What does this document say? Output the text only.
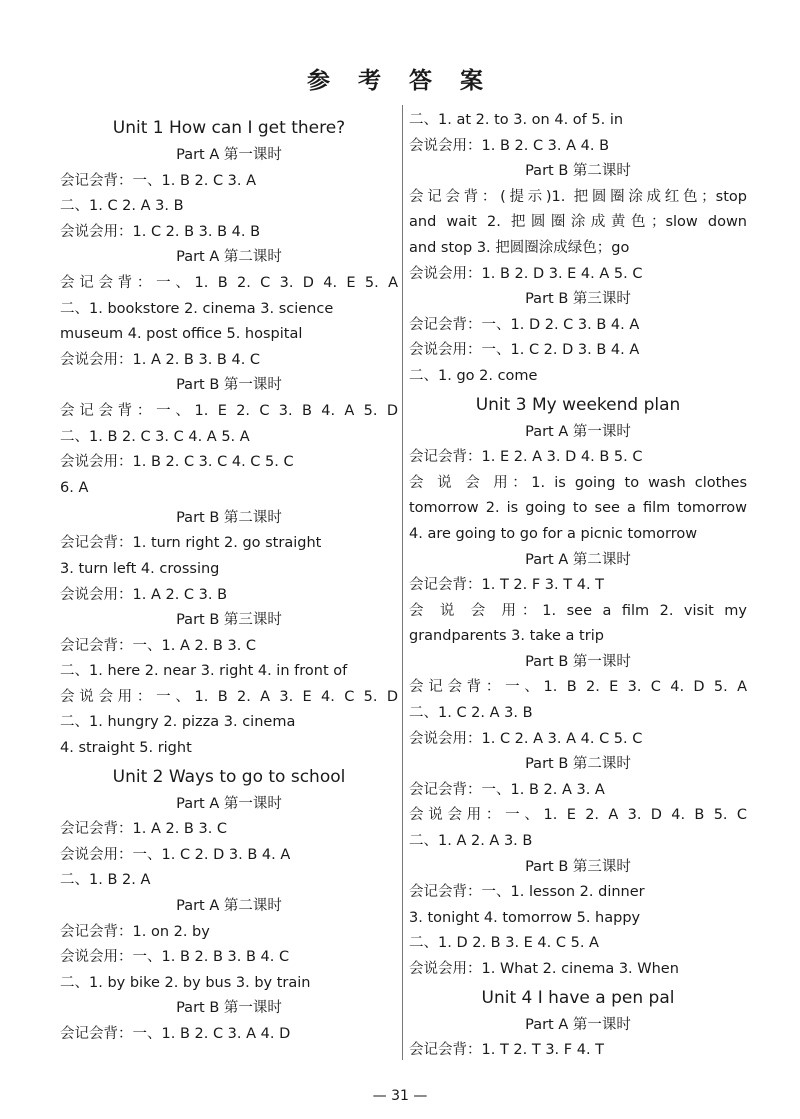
参 考 答 案
Unit 1 How can I get there?
Part A 第一课时
会记会背：一、1. B 2. C 3. A
二、1. C 2. A 3. B
会说会用：1. C 2. B 3. B 4. B
Part A 第二课时
会记会背：一、1. B 2. C 3. D 4. E 5. A
二、1. bookstore 2. cinema 3. science
museum 4. post office 5. hospital
会说会用：1. A 2. B 3. B 4. C
Part B 第一课时
会记会背：一、1. E 2. C 3. B 4. A 5. D
二、1. B 2. C 3. C 4. A 5. A
会说会用：1. B 2. C 3. C 4. C 5. C
6. A
Part B 第二课时
会记会背：1. turn right 2. go straight
3. turn left 4. crossing
会说会用：1. A 2. C 3. B
Part B 第三课时
会记会背：一、1. A 2. B 3. C
二、1. here 2. near 3. right 4. in front of
会说会用：一、1. B 2. A 3. E 4. C 5. D
二、1. hungry 2. pizza 3. cinema
4. straight 5. right
Unit 2 Ways to go to school
Part A 第一课时
会记会背：1. A 2. B 3. C
会说会用：一、1. C 2. D 3. B 4. A
二、1. B 2. A
Part A 第二课时
会记会背：1. on 2. by
会说会用：一、1. B 2. B 3. B 4. C
二、1. by bike 2. by bus 3. by train
Part B 第一课时
会记会背：一、1. B 2. C 3. A 4. D
二、1. at 2. to 3. on 4. of 5. in
会说会用：1. B 2. C 3. A 4. B
Part B 第二课时
会记会背：(提示)1. 把圆圈涂成红色；stop
and wait 2. 把圆圈涂成黄色；slow down
and stop 3. 把圆圈涂成绿色；go
会说会用：1. B 2. D 3. E 4. A 5. C
Part B 第三课时
会记会背：一、1. D 2. C 3. B 4. A
会说会用：一、1. C 2. D 3. B 4. A
二、1. go 2. come
Unit 3 My weekend plan
Part A 第一课时
会记会背：1. E 2. A 3. D 4. B 5. C
会 说 会 用：1. is going to wash clothes
tomorrow 2. is going to see a film tomorrow
4. are going to go for a picnic tomorrow
Part A 第二课时
会记会背：1. T 2. F 3. T 4. T
会 说 会 用：1. see a film 2. visit my
grandparents 3. take a trip
Part B 第一课时
会记会背：一、1. B 2. E 3. C 4. D 5. A
二、1. C 2. A 3. B
会说会用：1. C 2. A 3. A 4. C 5. C
Part B 第二课时
会记会背：一、1. B 2. A 3. A
会说会用：一、1. E 2. A 3. D 4. B 5. C
二、1. A 2. A 3. B
Part B 第三课时
会记会背：一、1. lesson 2. dinner
3. tonight 4. tomorrow 5. happy
二、1. D 2. B 3. E 4. C 5. A
会说会用：1. What 2. cinema 3. When
Unit 4 I have a pen pal
Part A 第一课时
会记会背：1. T 2. T 3. F 4. T
— 31 —
